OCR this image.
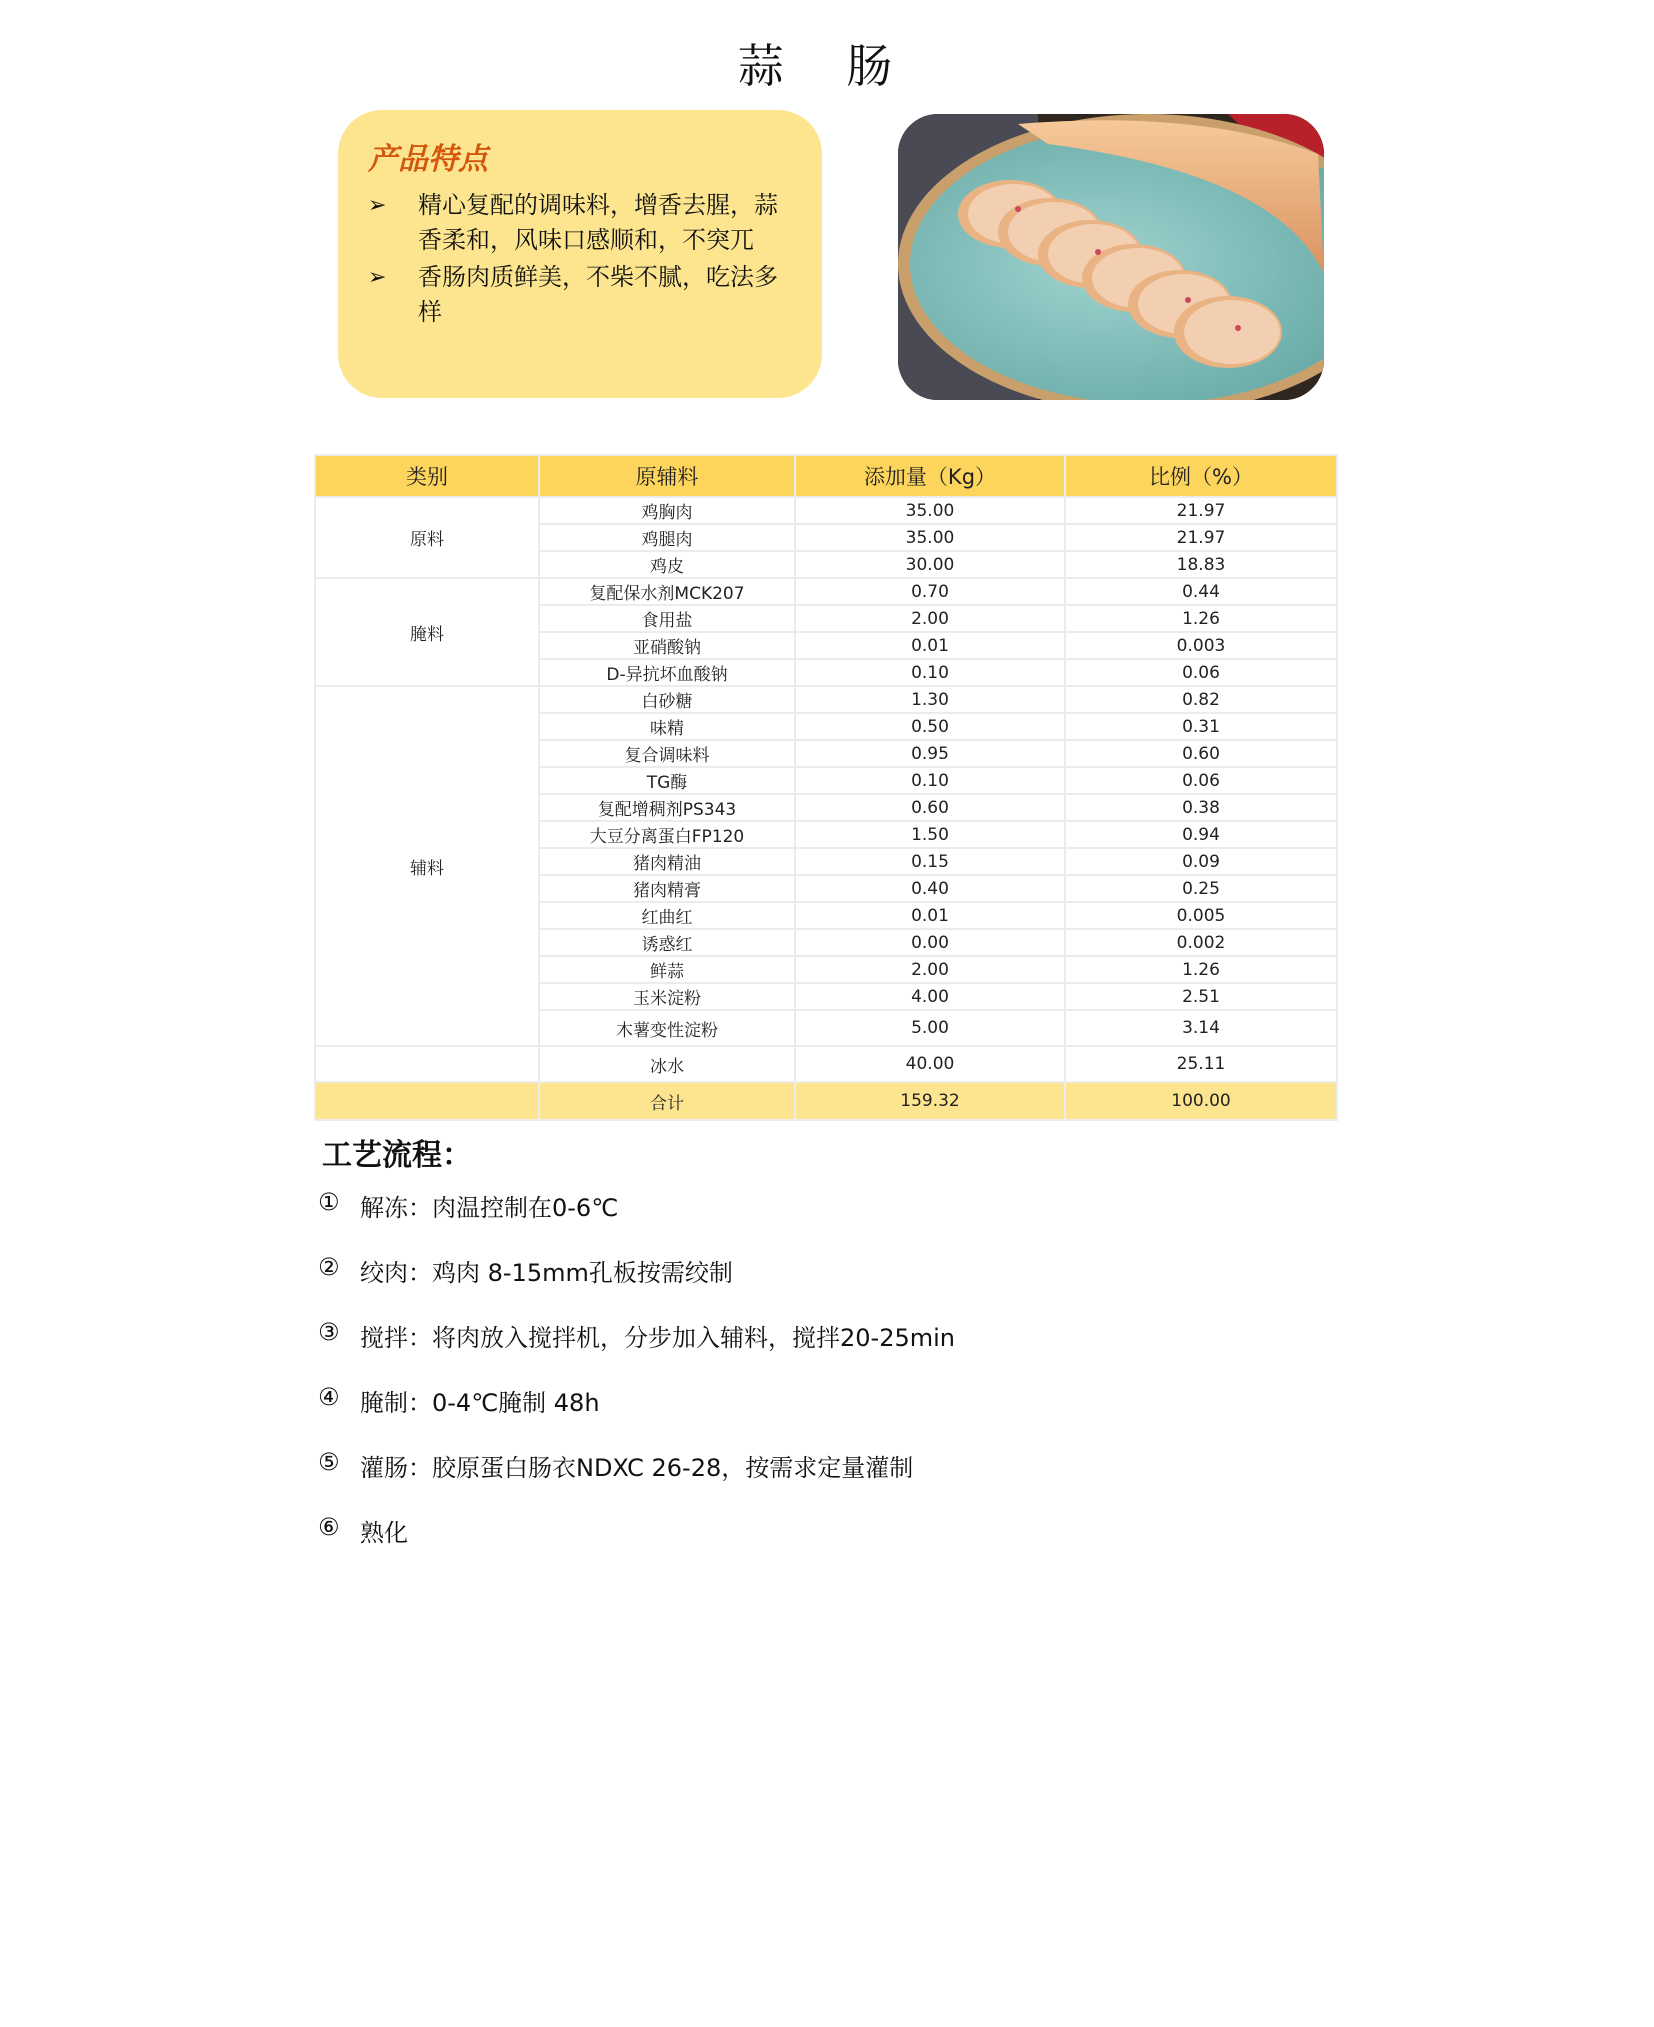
蒜 肠
产品特点
➢	精心复配的调味料，增香去腥，蒜香柔和，风味口感顺和，不突兀
➢	香肠肉质鲜美，不柴不腻，吃法多样
类别	原辅料	添加量（Kg）	比例（%）
原料	鸡胸肉	35.00	21.97
	鸡腿肉	35.00	21.97
	鸡皮	30.00	18.83
腌料	复配保水剂MCK207	0.70	0.44
	食用盐	2.00	1.26
	亚硝酸钠	0.01	0.003
	D-异抗坏血酸钠	0.10	0.06
辅料	白砂糖	1.30	0.82
	味精	0.50	0.31
	复合调味料	0.95	0.60
	TG酶	0.10	0.06
	复配增稠剂PS343	0.60	0.38
	大豆分离蛋白FP120	1.50	0.94
	猪肉精油	0.15	0.09
	猪肉精膏	0.40	0.25
	红曲红	0.01	0.005
	诱惑红	0.00	0.002
	鲜蒜	2.00	1.26
	玉米淀粉	4.00	2.51
	木薯变性淀粉	5.00	3.14
	冰水	40.00	25.11
	合计	159.32	100.00
工艺流程：
① 解冻：肉温控制在0-6℃
② 绞肉：鸡肉 8-15mm孔板按需绞制
③ 搅拌：将肉放入搅拌机，分步加入辅料，搅拌20-25min
④ 腌制：0-4℃腌制 48h
⑤ 灌肠：胶原蛋白肠衣NDXC 26-28，按需求定量灌制
⑥ 熟化
